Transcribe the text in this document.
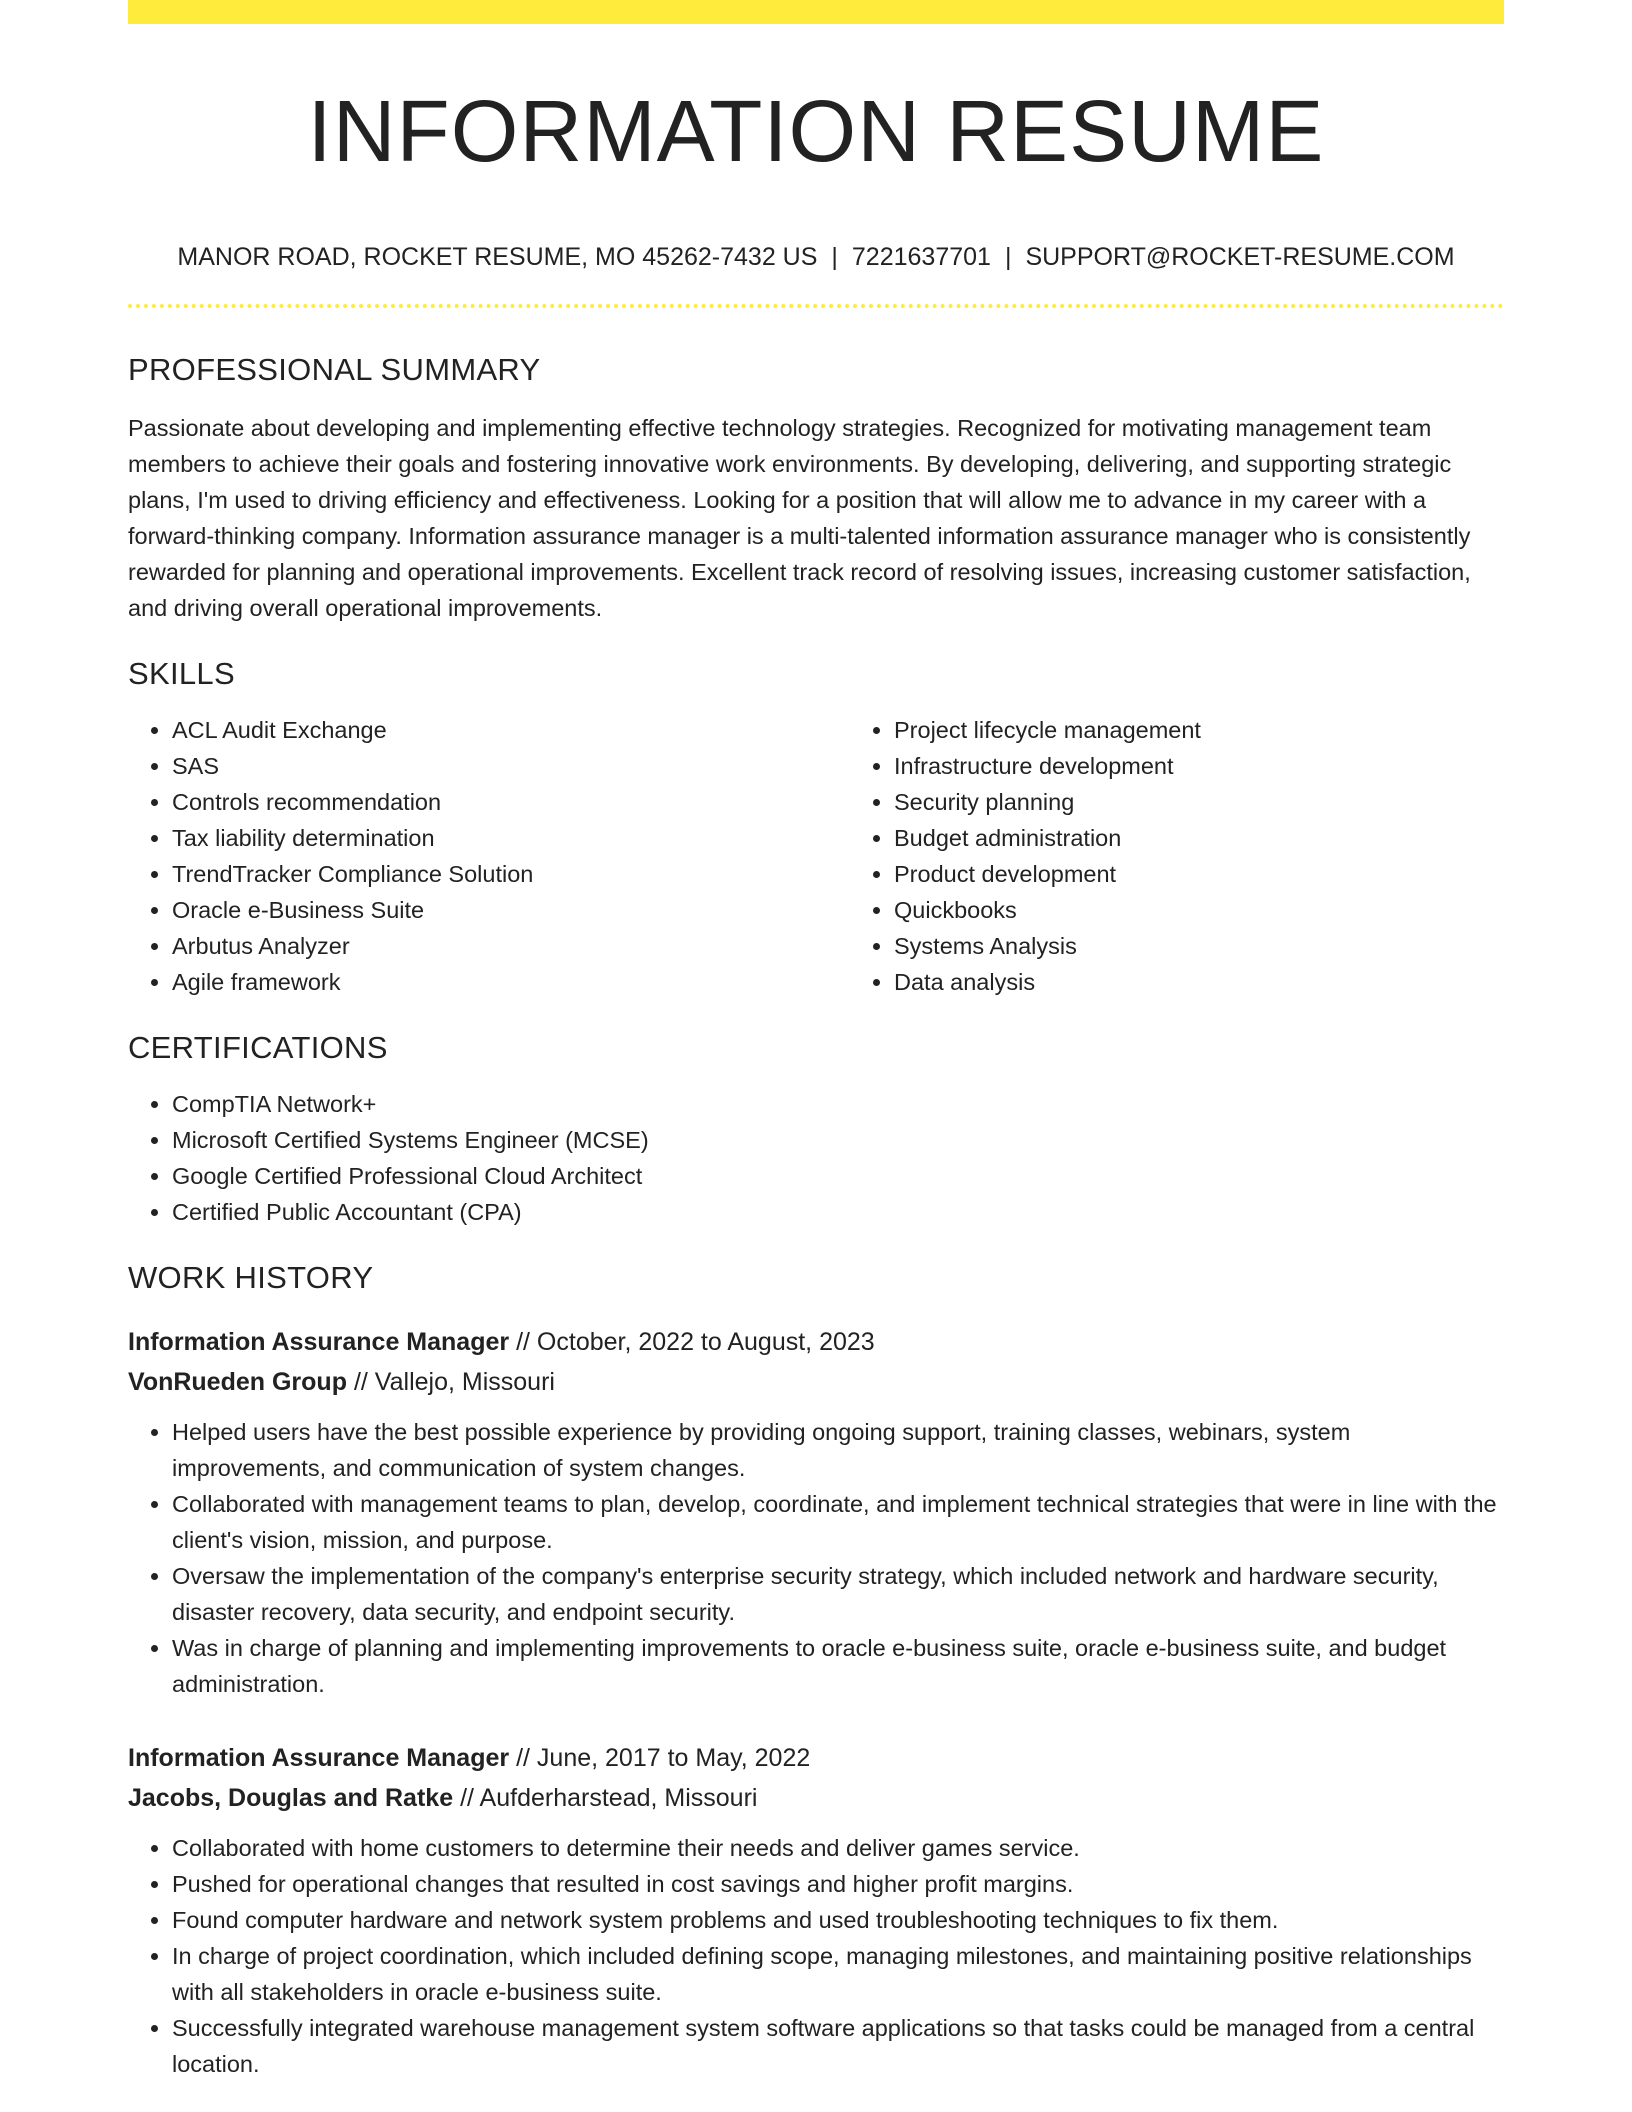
INFORMATION RESUME
MANOR ROAD, ROCKET RESUME, MO 45262-7432 US | 7221637701 | SUPPORT@ROCKET-RESUME.COM
PROFESSIONAL SUMMARY
Passionate about developing and implementing effective technology strategies. Recognized for motivating management team members to achieve their goals and fostering innovative work environments. By developing, delivering, and supporting strategic plans, I'm used to driving efficiency and effectiveness. Looking for a position that will allow me to advance in my career with a forward-thinking company. Information assurance manager is a multi-talented information assurance manager who is consistently rewarded for planning and operational improvements. Excellent track record of resolving issues, increasing customer satisfaction, and driving overall operational improvements.
SKILLS
• ACL Audit Exchange
• SAS
• Controls recommendation
• Tax liability determination
• TrendTracker Compliance Solution
• Oracle e-Business Suite
• Arbutus Analyzer
• Agile framework
• Project lifecycle management
• Infrastructure development
• Security planning
• Budget administration
• Product development
• Quickbooks
• Systems Analysis
• Data analysis
CERTIFICATIONS
• CompTIA Network+
• Microsoft Certified Systems Engineer (MCSE)
• Google Certified Professional Cloud Architect
• Certified Public Accountant (CPA)
WORK HISTORY
Information Assurance Manager // October, 2022 to August, 2023
VonRueden Group // Vallejo, Missouri
• Helped users have the best possible experience by providing ongoing support, training classes, webinars, system improvements, and communication of system changes.
• Collaborated with management teams to plan, develop, coordinate, and implement technical strategies that were in line with the client's vision, mission, and purpose.
• Oversaw the implementation of the company's enterprise security strategy, which included network and hardware security, disaster recovery, data security, and endpoint security.
• Was in charge of planning and implementing improvements to oracle e-business suite, oracle e-business suite, and budget administration.
Information Assurance Manager // June, 2017 to May, 2022
Jacobs, Douglas and Ratke // Aufderharstead, Missouri
• Collaborated with home customers to determine their needs and deliver games service.
• Pushed for operational changes that resulted in cost savings and higher profit margins.
• Found computer hardware and network system problems and used troubleshooting techniques to fix them.
• In charge of project coordination, which included defining scope, managing milestones, and maintaining positive relationships with all stakeholders in oracle e-business suite.
• Successfully integrated warehouse management system software applications so that tasks could be managed from a central location.
